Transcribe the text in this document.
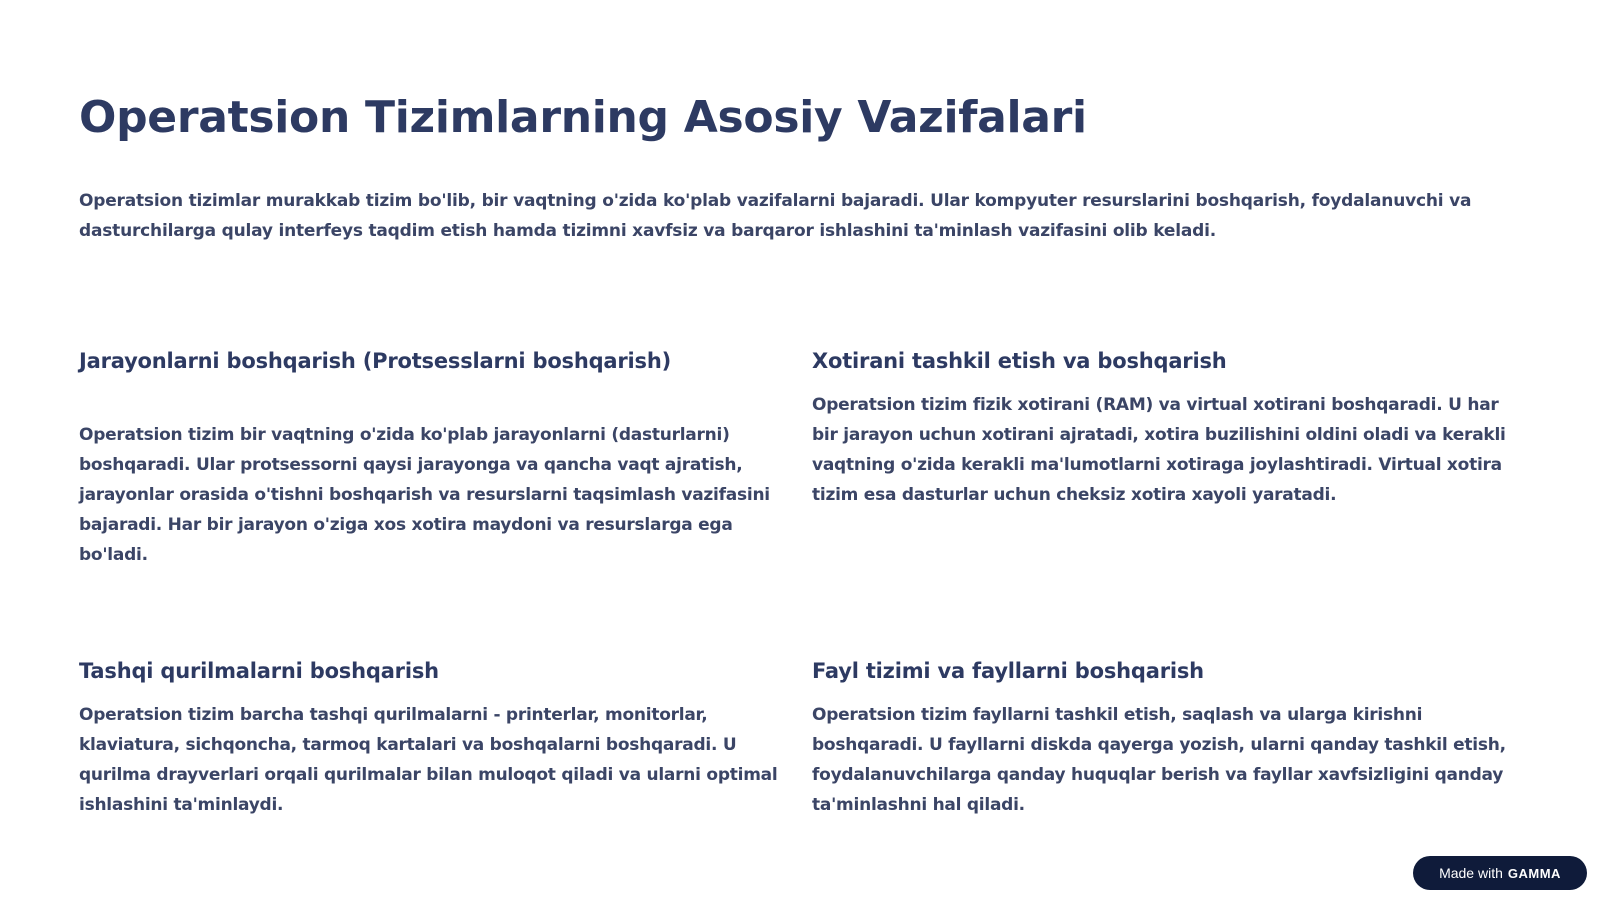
Operatsion Tizimlarning Asosiy Vazifalari

Operatsion tizimlar murakkab tizim bo'lib, bir vaqtning o'zida ko'plab vazifalarni bajaradi. Ular kompyuter resurslarini boshqarish, foydalanuvchi va dasturchilarga qulay interfeys taqdim etish hamda tizimni xavfsiz va barqaror ishlashini ta'minlash vazifasini olib keladi.

Jarayonlarni boshqarish (Protsesslarni boshqarish)

Operatsion tizim bir vaqtning o'zida ko'plab jarayonlarni (dasturlarni) boshqaradi. Ular protsessorni qaysi jarayonga va qancha vaqt ajratish, jarayonlar orasida o'tishni boshqarish va resurslarni taqsimlash vazifasini bajaradi. Har bir jarayon o'ziga xos xotira maydoni va resurslarga ega bo'ladi.

Xotirani tashkil etish va boshqarish

Operatsion tizim fizik xotirani (RAM) va virtual xotirani boshqaradi. U har bir jarayon uchun xotirani ajratadi, xotira buzilishini oldini oladi va kerakli vaqtning o'zida kerakli ma'lumotlarni xotiraga joylashtiradi. Virtual xotira tizim esa dasturlar uchun cheksiz xotira xayoli yaratadi.

Tashqi qurilmalarni boshqarish

Operatsion tizim barcha tashqi qurilmalarni - printerlar, monitorlar, klaviatura, sichqoncha, tarmoq kartalari va boshqalarni boshqaradi. U qurilma drayverlari orqali qurilmalar bilan muloqot qiladi va ularni optimal ishlashini ta'minlaydi.

Fayl tizimi va fayllarni boshqarish

Operatsion tizim fayllarni tashkil etish, saqlash va ularga kirishni boshqaradi. U fayllarni diskda qayerga yozish, ularni qanday tashkil etish, foydalanuvchilarga qanday huquqlar berish va fayllar xavfsizligini qanday ta'minlashni hal qiladi.

Made with GAMMA
